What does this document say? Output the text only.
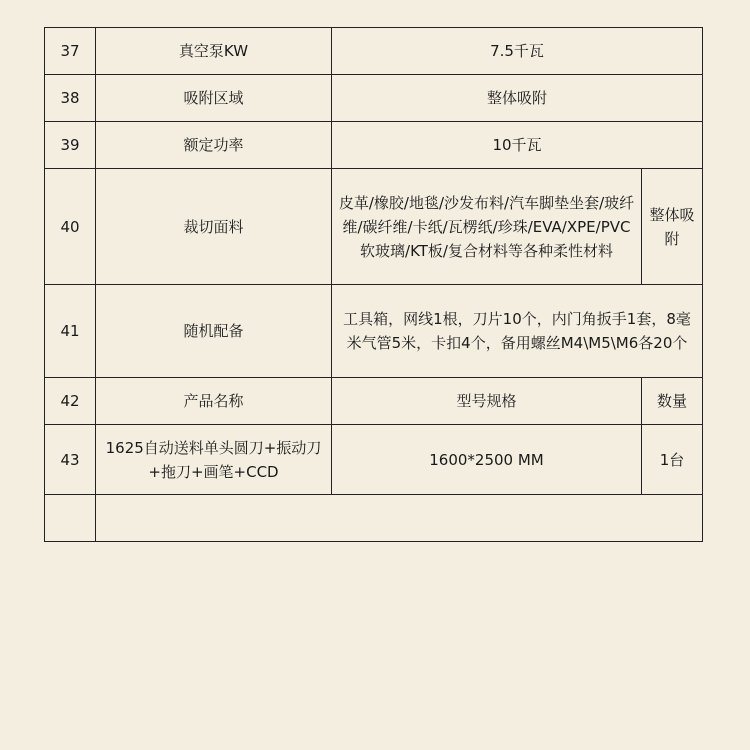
37	真空泵KW	7.5千瓦	
38	吸附区域	整体吸附	
39	额定功率	10千瓦	
40	裁切面料	皮革/橡胶/地毯/沙发布料/汽车脚垫坐套/玻纤维/碳纤维/卡纸/瓦楞纸/珍珠/EVA/XPE/PVC软玻璃/KT板/复合材料等各种柔性材料	整体吸附
41	随机配备	工具箱，网线1根，刀片10个，内门角扳手1套，8毫米气管5米，卡扣4个，备用螺丝M4\M5\M6各20个	
42	产品名称	型号规格	数量
43	1625自动送料单头圆刀+振动刀+拖刀+画笔+CCD	1600*2500 MM	1台
